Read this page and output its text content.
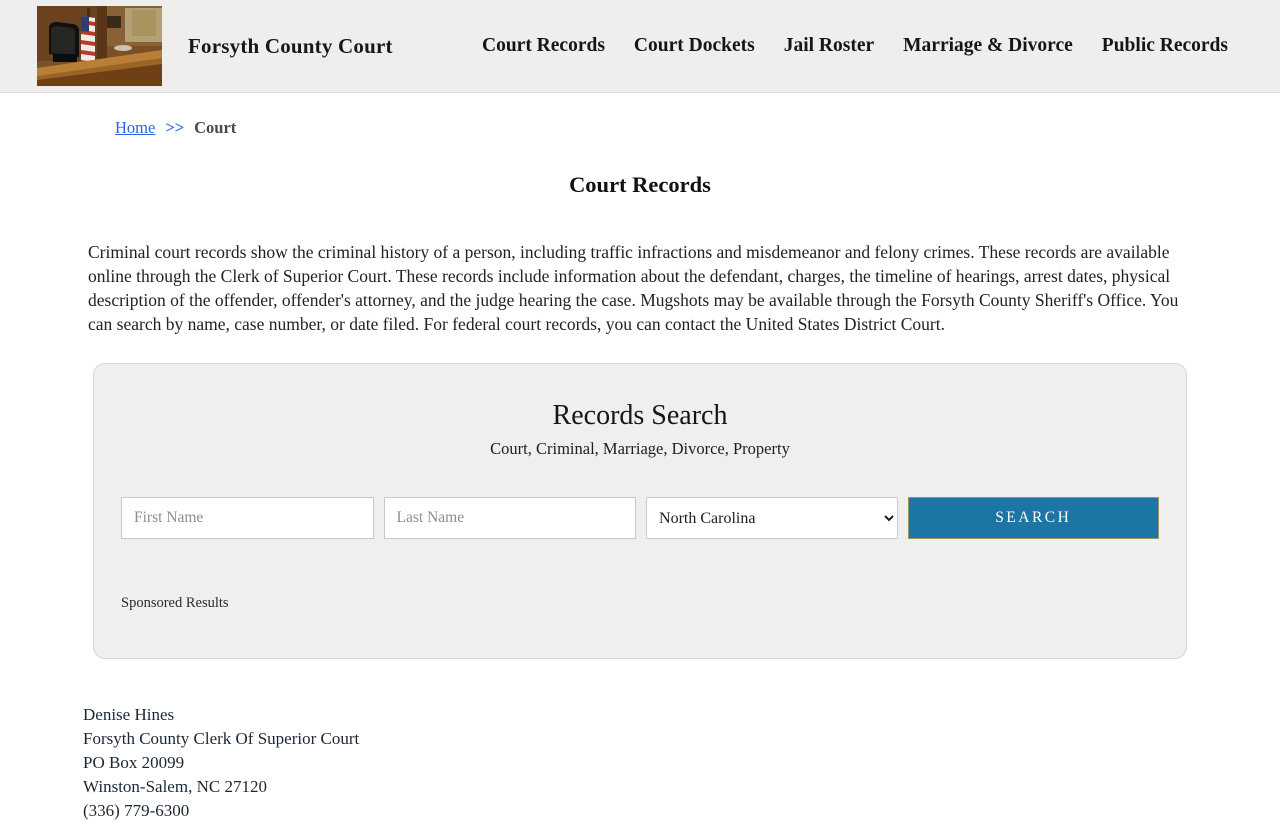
Forsyth County Court	Court Records Court Dockets Jail Roster Marriage & Divorce Public Records
Home >> Court
Court Records

Criminal court records show the criminal history of a person, including traffic infractions and misdemeanor and felony crimes. These records are available online through the Clerk of Superior Court. These records include information about the defendant, charges, the timeline of hearings, arrest dates, physical description of the offender, offender's attorney, and the judge hearing the case. Mugshots may be available through the Forsyth County Sheriff's Office. You can search by name, case number, or date filed. For federal court records, you can contact the United States District Court.

Records Search
Court, Criminal, Marriage, Divorce, Property
First Name
Last Name
North Carolina
SEARCH
Sponsored Results
Denise Hines
Forsyth County Clerk Of Superior Court
PO Box 20099
Winston-Salem, NC 27120
(336) 779-6300
